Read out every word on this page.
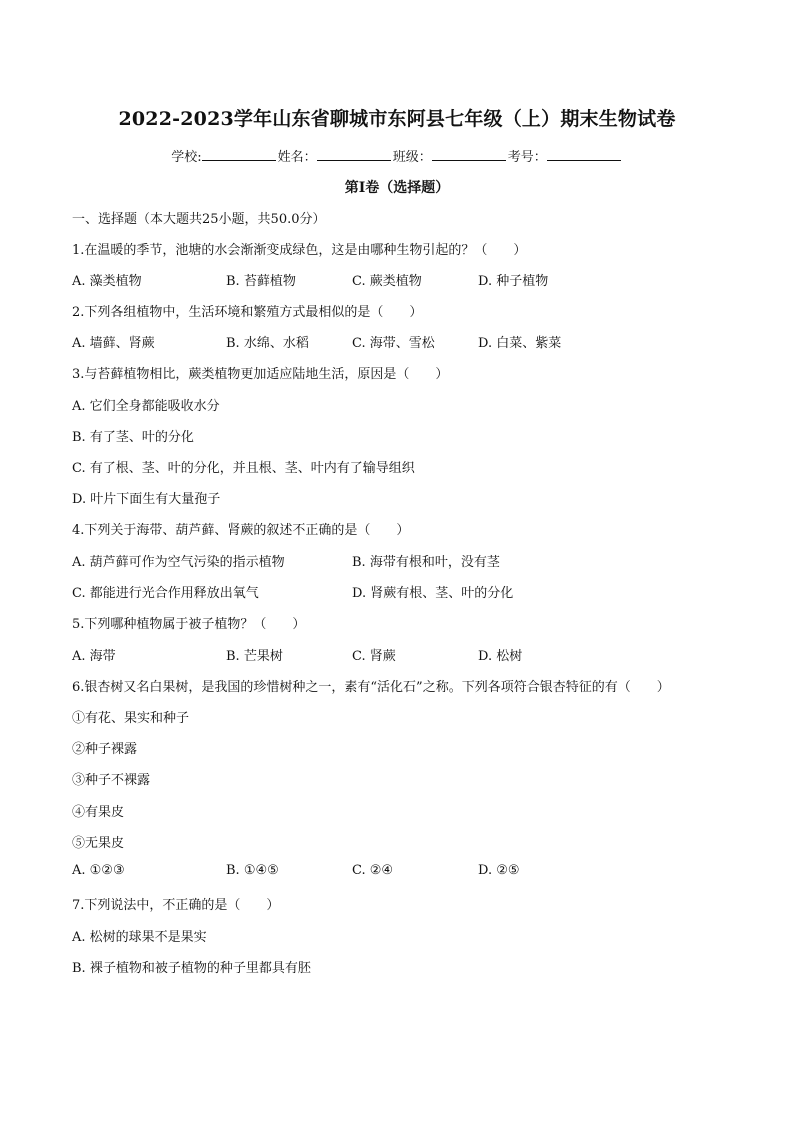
2022-2023学年山东省聊城市东阿县七年级（上）期末生物试卷
学校:	姓名：	班级：	考号：
第I卷（选择题）
一、选择题（本大题共25小题，共50.0分）
1.在温暖的季节，池塘的水会渐渐变成绿色，这是由哪种生物引起的？（　　）
A. 藻类植物	B. 苔藓植物	C. 蕨类植物	D. 种子植物
2.下列各组植物中，生活环境和繁殖方式最相似的是（　　）
A. 墙藓、肾蕨	B. 水绵、水稻	C. 海带、雪松	D. 白菜、紫菜
3.与苔藓植物相比，蕨类植物更加适应陆地生活，原因是（　　）
A. 它们全身都能吸收水分
B. 有了茎、叶的分化
C. 有了根、茎、叶的分化，并且根、茎、叶内有了输导组织
D. 叶片下面生有大量孢子
4.下列关于海带、葫芦藓、肾蕨的叙述不正确的是（　　）
A. 葫芦藓可作为空气污染的指示植物	B. 海带有根和叶，没有茎
C. 都能进行光合作用释放出氧气	D. 肾蕨有根、茎、叶的分化
5.下列哪种植物属于被子植物？（　　）
A. 海带	B. 芒果树	C. 肾蕨	D. 松树
6.银杏树又名白果树，是我国的珍惜树种之一，素有“活化石”之称。下列各项符合银杏特征的有（　　）
①有花、果实和种子
②种子裸露
③种子不裸露
④有果皮
⑤无果皮
A. ①②③	B. ①④⑤	C. ②④	D. ②⑤
7.下列说法中，不正确的是（　　）
A. 松树的球果不是果实
B. 裸子植物和被子植物的种子里都具有胚
